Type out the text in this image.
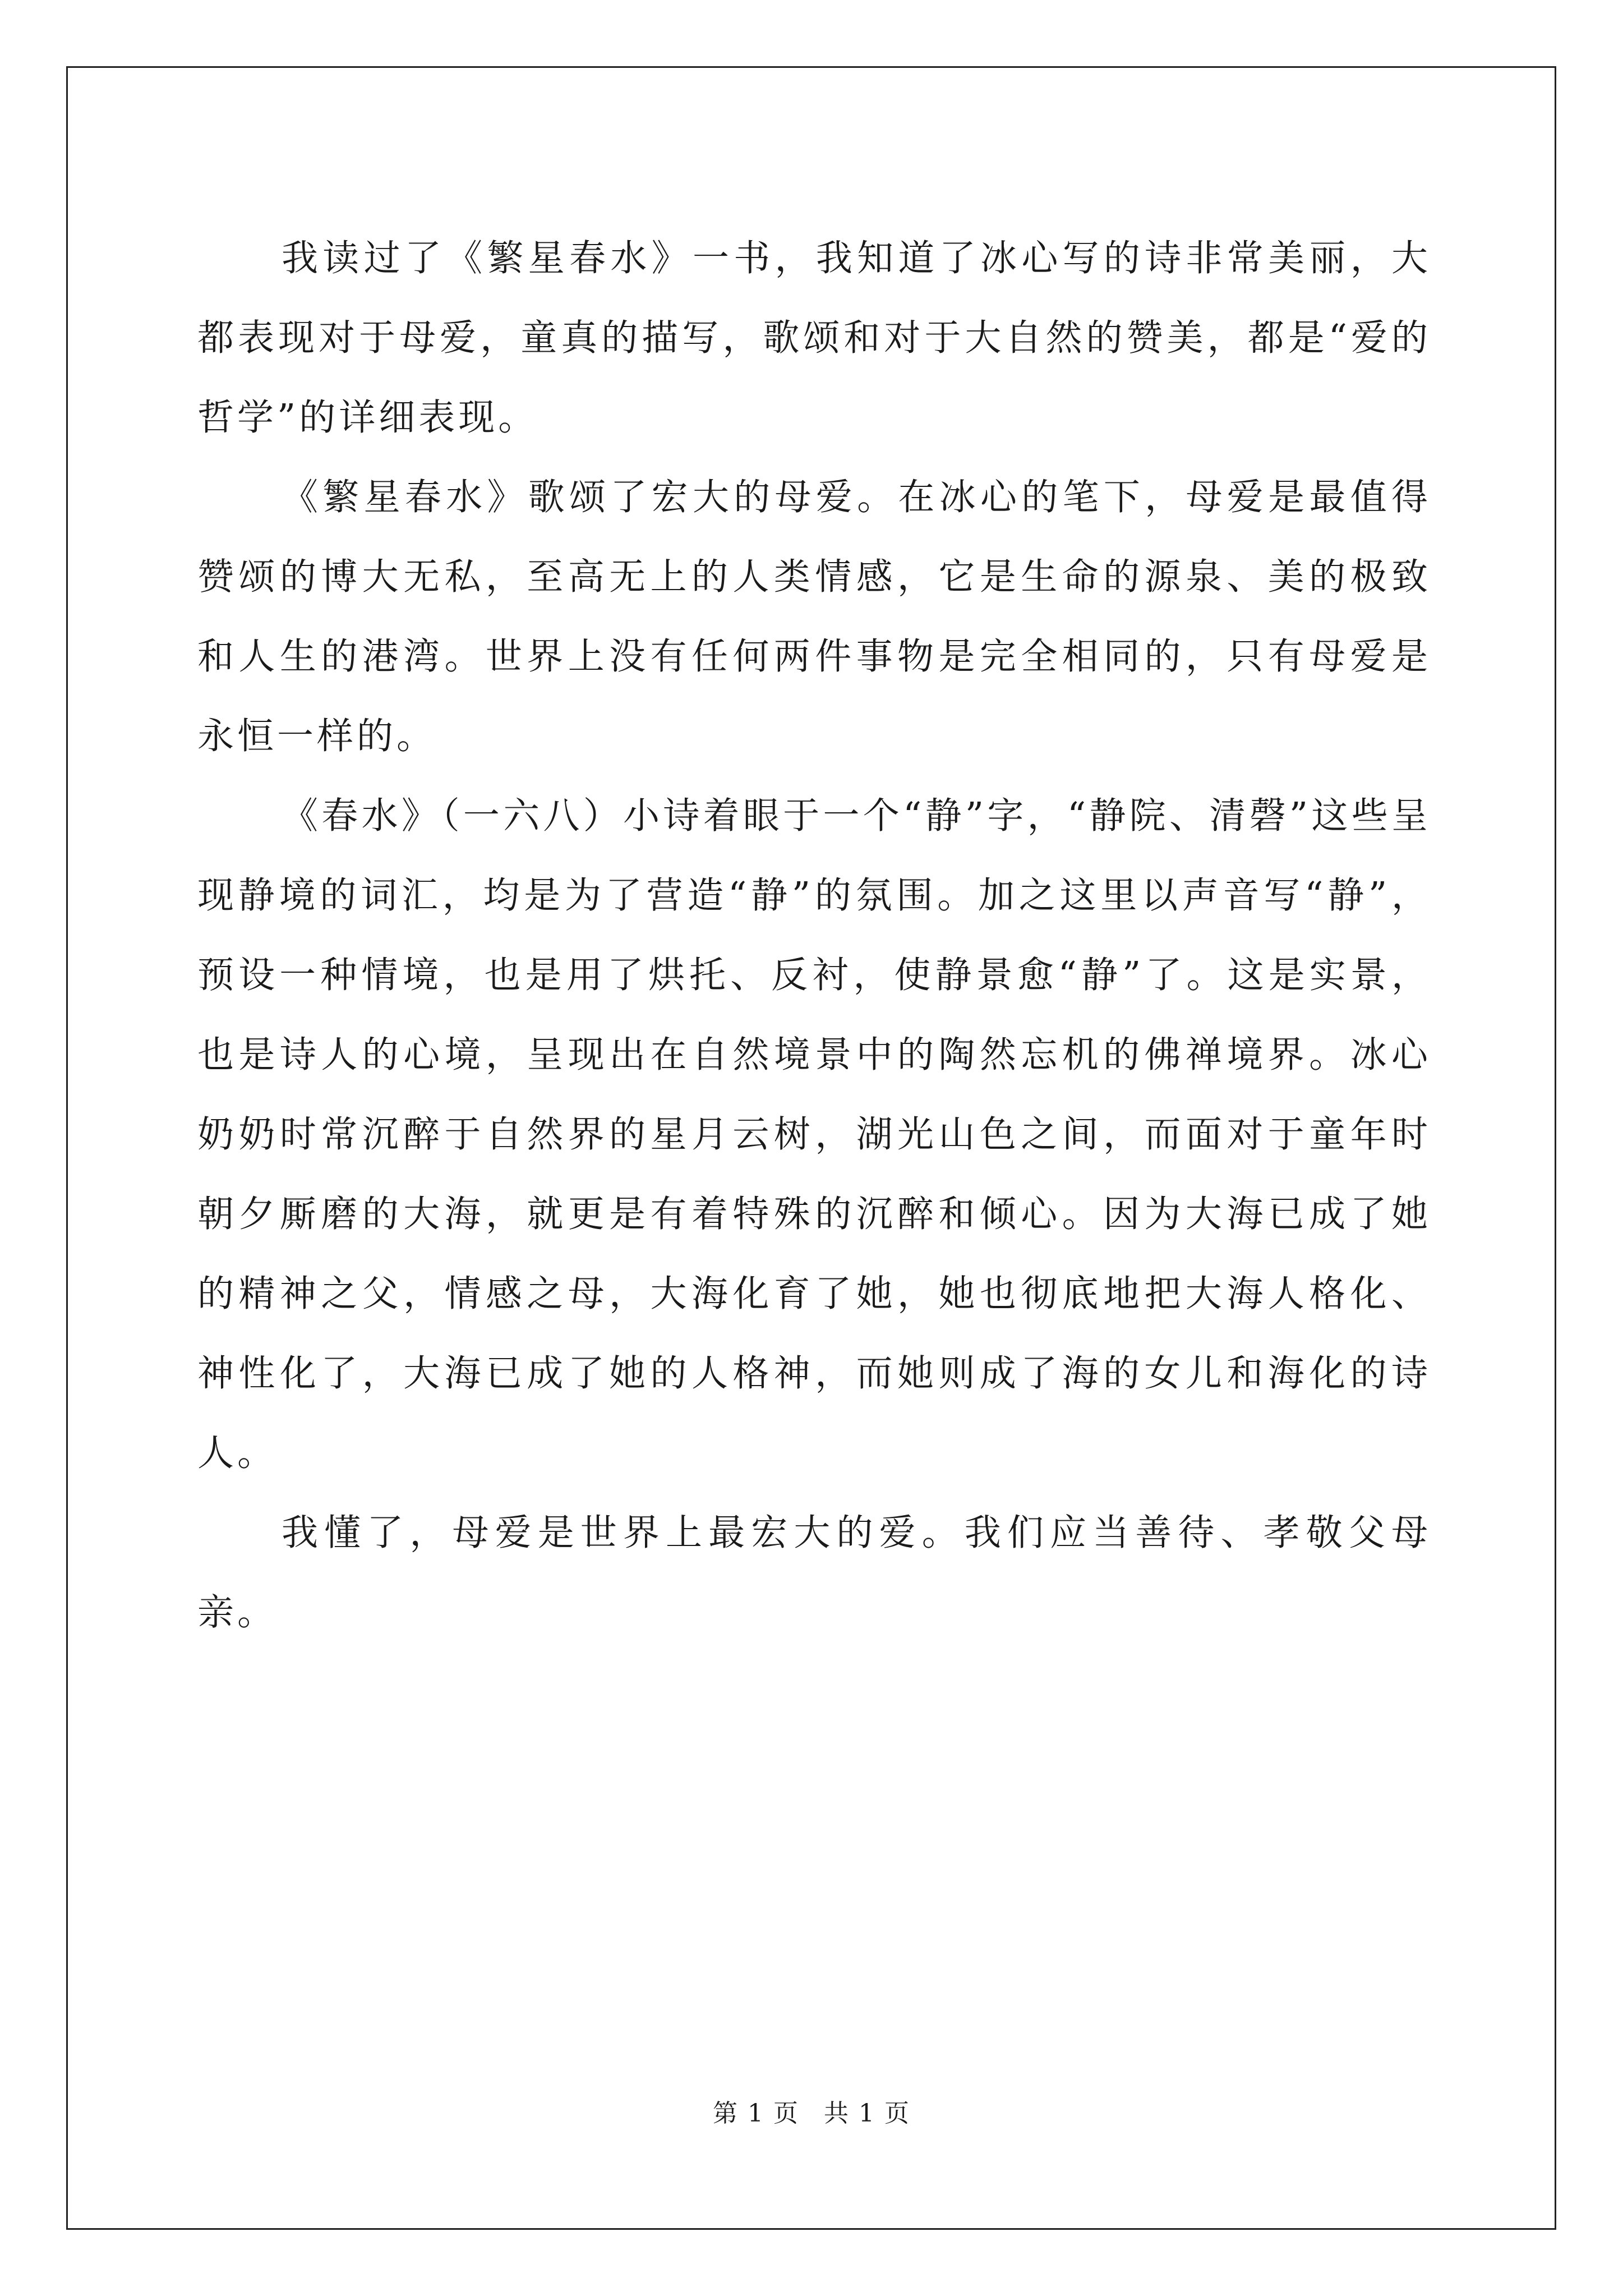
我读过了《繁星春水》一书，我知道了冰心写的诗非常美丽，大都表现对于母爱，童真的描写，歌颂和对于大自然的赞美，都是“爱的哲学”的详细表现。

《繁星春水》歌颂了宏大的母爱。在冰心的笔下，母爱是最值得赞颂的博大无私，至高无上的人类情感，它是生命的源泉、美的极致和人生的港湾。世界上没有任何两件事物是完全相同的，只有母爱是永恒一样的。

《春水》（一六八）小诗着眼于一个“静”字，“静院、清磬”这些呈现静境的词汇，均是为了营造“静”的氛围。加之这里以声音写“静”，预设一种情境，也是用了烘托、反衬，使静景愈“静”了。这是实景，也是诗人的心境，呈现出在自然境景中的陶然忘机的佛禅境界。冰心奶奶时常沉醉于自然界的星月云树，湖光山色之间，而面对于童年时朝夕厮磨的大海，就更是有着特殊的沉醉和倾心。因为大海已成了她的精神之父，情感之母，大海化育了她，她也彻底地把大海人格化、神性化了，大海已成了她的人格神，而她则成了海的女儿和海化的诗人。

我懂了，母爱是世界上最宏大的爱。我们应当善待、孝敬父母亲。

第 1 页 共 1 页
